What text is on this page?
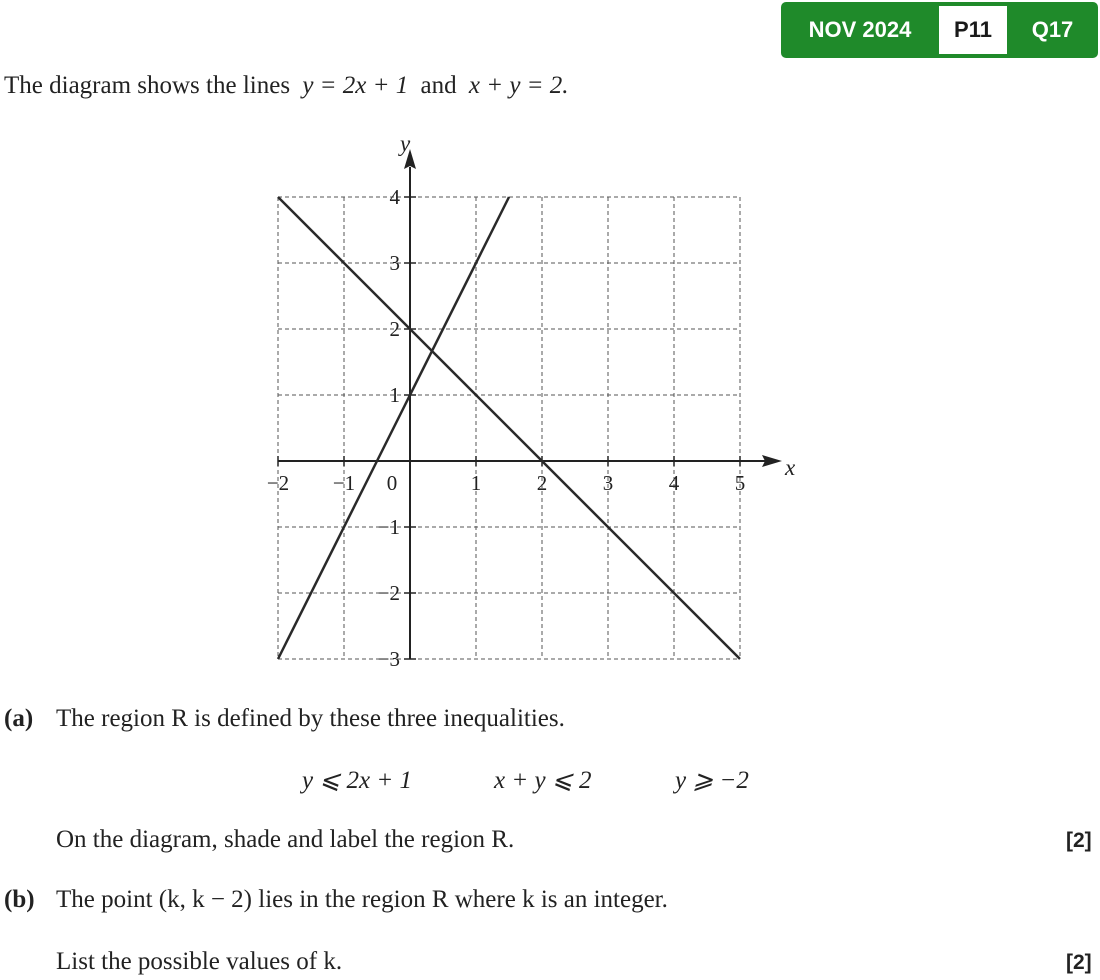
NOV 2024	P11	Q17
The diagram shows the lines y = 2x + 1 and x + y = 2.
−2 −1 0	1	2	3	4	5
4
3
2
1
−1
−2
−3
x
y
(a) The region R is defined by these three inequalities.
y ⩽ 2x + 1	x + y ⩽ 2	y ⩾ −2
On the diagram, shade and label the region R.	[2]
(b) The point (k, k − 2) lies in the region R where k is an integer.
List the possible values of k.	[2]
